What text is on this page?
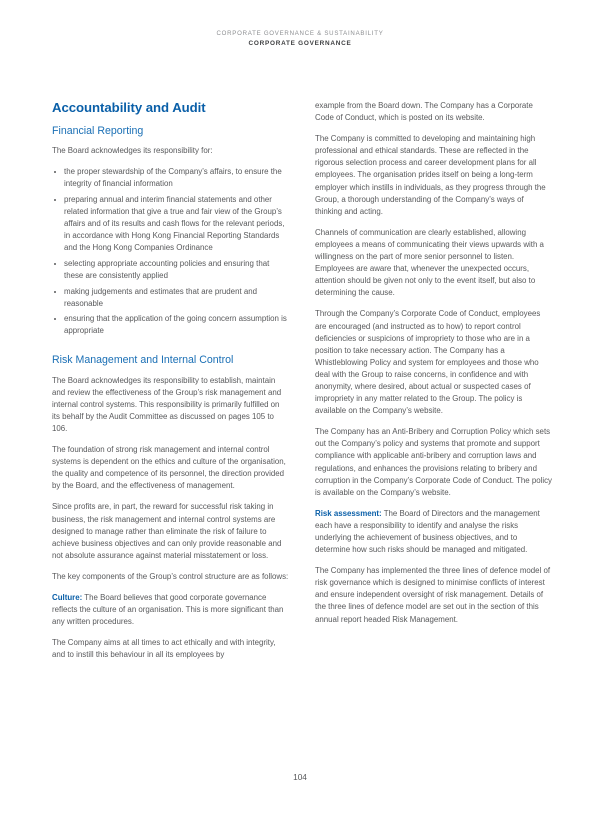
CORPORATE GOVERNANCE & SUSTAINABILITY
CORPORATE GOVERNANCE
Accountability and Audit
Financial Reporting

The Board acknowledges its responsibility for:

the proper stewardship of the Company’s affairs, to ensure the integrity of financial information
preparing annual and interim financial statements and other related information that give a true and fair view of the Group’s affairs and of its results and cash flows for the relevant periods, in accordance with Hong Kong Financial Reporting Standards and the Hong Kong Companies Ordinance
selecting appropriate accounting policies and ensuring that these are consistently applied
making judgements and estimates that are prudent and reasonable
ensuring that the application of the going concern assumption is appropriate
Risk Management and Internal Control

The Board acknowledges its responsibility to establish, maintain and review the effectiveness of the Group’s risk management and internal control systems. This responsibility is primarily fulfilled on its behalf by the Audit Committee as discussed on pages 105 to 106.

The foundation of strong risk management and internal control systems is dependent on the ethics and culture of the organisation, the quality and competence of its personnel, the direction provided by the Board, and the effectiveness of management.

Since profits are, in part, the reward for successful risk taking in business, the risk management and internal control systems are designed to manage rather than eliminate the risk of failure to achieve business objectives and can only provide reasonable and not absolute assurance against material misstatement or loss.

The key components of the Group’s control structure are as follows:

Culture: The Board believes that good corporate governance reflects the culture of an organisation. This is more significant than any written procedures.

The Company aims at all times to act ethically and with integrity, and to instill this behaviour in all its employees by

example from the Board down. The Company has a Corporate Code of Conduct, which is posted on its website.

The Company is committed to developing and maintaining high professional and ethical standards. These are reflected in the rigorous selection process and career development plans for all employees. The organisation prides itself on being a long-term employer which instills in individuals, as they progress through the Group, a thorough understanding of the Company’s ways of thinking and acting.

Channels of communication are clearly established, allowing employees a means of communicating their views upwards with a willingness on the part of more senior personnel to listen. Employees are aware that, whenever the unexpected occurs, attention should be given not only to the event itself, but also to determining the cause.

Through the Company’s Corporate Code of Conduct, employees are encouraged (and instructed as to how) to report control deficiencies or suspicions of impropriety to those who are in a position to take necessary action. The Company has a Whistleblowing Policy and system for employees and those who deal with the Group to raise concerns, in confidence and with anonymity, where desired, about actual or suspected cases of impropriety in any matter related to the Group. The policy is available on the Company’s website.

The Company has an Anti-Bribery and Corruption Policy which sets out the Company’s policy and systems that promote and support compliance with applicable anti-bribery and corruption laws and regulations, and enhances the provisions relating to bribery and corruption in the Company’s Corporate Code of Conduct. The policy is available on the Company’s website.

Risk assessment: The Board of Directors and the management each have a responsibility to identify and analyse the risks underlying the achievement of business objectives, and to determine how such risks should be managed and mitigated.

The Company has implemented the three lines of defence model of risk governance which is designed to minimise conflicts of interest and ensure independent oversight of risk management. Details of the three lines of defence model are set out in the section of this annual report headed Risk Management.

104
